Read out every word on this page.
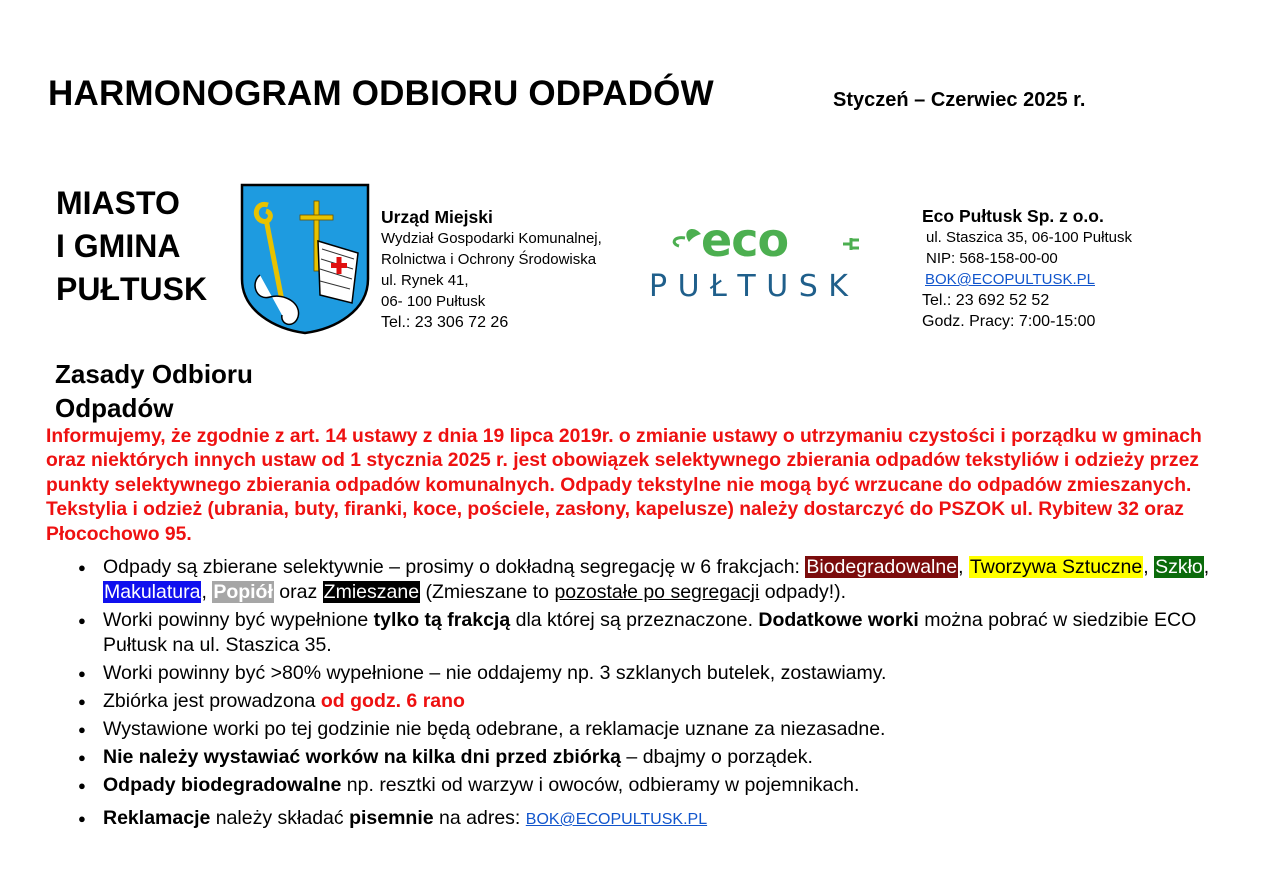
HARMONOGRAM ODBIORU ODPADÓW	Styczeń – Czerwiec 2025 r.
MIASTO
I GMINA
PUŁTUSK
Urząd Miejski
Wydział Gospodarki Komunalnej,
Rolnictwa i Ochrony Środowiska
ul. Rynek 41,
06- 100 Pułtusk
Tel.: 23 306 72 26
eco
PUŁTUSK
Eco Pułtusk Sp. z o.o.
ul. Staszica 35, 06-100 Pułtusk
NIP: 568-158-00-00
BOK@ECOPULTUSK.PL
Tel.: 23 692 52 52
Godz. Pracy: 7:00-15:00
Zasady Odbioru
Odpadów
Informujemy, że zgodnie z art. 14 ustawy z dnia 19 lipca 2019r. o zmianie ustawy o utrzymaniu czystości i porządku w gminach oraz niektórych innych ustaw od 1 stycznia 2025 r. jest obowiązek selektywnego zbierania odpadów tekstyliów i odzieży przez punkty selektywnego zbierania odpadów komunalnych. Odpady tekstylne nie mogą być wrzucane do odpadów zmieszanych. Tekstylia i odzież (ubrania, buty, firanki, koce, pościele, zasłony, kapelusze) należy dostarczyć do PSZOK ul. Rybitew 32 oraz Płocochowo 95.
● Odpady są zbierane selektywnie – prosimy o dokładną segregację w 6 frakcjach: Biodegradowalne, Tworzywa Sztuczne, Szkło, Makulatura, Popiół oraz Zmieszane (Zmieszane to pozostałe po segregacji odpady!).
● Worki powinny być wypełnione tylko tą frakcją dla której są przeznaczone. Dodatkowe worki można pobrać w siedzibie ECO Pułtusk na ul. Staszica 35.
● Worki powinny być >80% wypełnione – nie oddajemy np. 3 szklanych butelek, zostawiamy.
● Zbiórka jest prowadzona od godz. 6 rano
● Wystawione worki po tej godzinie nie będą odebrane, a reklamacje uznane za niezasadne.
● Nie należy wystawiać worków na kilka dni przed zbiórką – dbajmy o porządek.
● Odpady biodegradowalne np. resztki od warzyw i owoców, odbieramy w pojemnikach.
● Reklamacje należy składać pisemnie na adres: BOK@ECOPULTUSK.PL
